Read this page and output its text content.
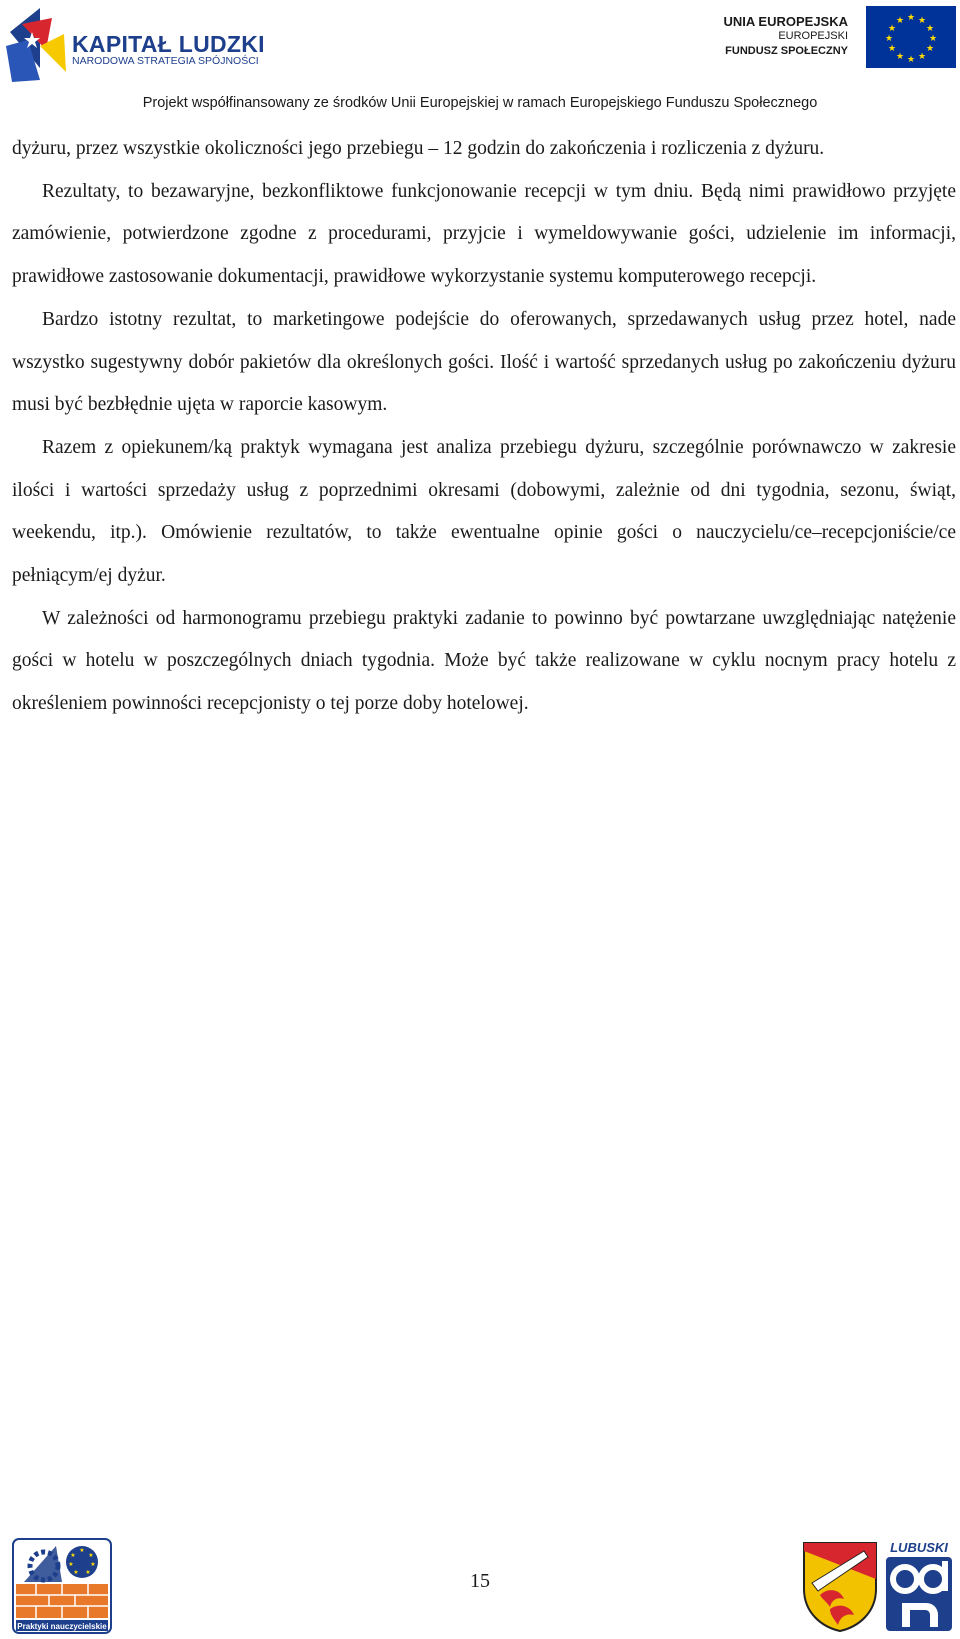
KAPITAŁ LUDZKI
NARODOWA STRATEGIA SPÓJNOŚCI
UNIA EUROPEJSKA
EUROPEJSKI
FUNDUSZ SPOŁECZNY
★ ★
★
★
★
★
★
★
★
★
★
★
Projekt współfinansowany ze środków Unii Europejskiej w ramach Europejskiego Funduszu Społecznego

dyżuru, przez wszystkie okoliczności jego przebiegu – 12 godzin do zakończenia i rozliczenia z dyżuru.

Rezultaty, to bezawaryjne, bezkonfliktowe funkcjonowanie recepcji w tym dniu. Będą nimi prawidłowo przyjęte zamówienie, potwierdzone zgodne z procedurami, przyjcie i wymeldowywanie gości, udzielenie im informacji, prawidłowe zastosowanie dokumentacji, prawidłowe wykorzystanie systemu komputerowego recepcji.

Bardzo istotny rezultat, to marketingowe podejście do oferowanych, sprzedawanych usług przez hotel, nade wszystko sugestywny dobór pakietów dla określonych gości. Ilość i wartość sprzedanych usług po zakończeniu dyżuru musi być bezbłędnie ujęta w raporcie kasowym.

Razem z opiekunem/ką praktyk wymagana jest analiza przebiegu dyżuru, szczególnie porównawczo w zakresie ilości i wartości sprzedaży usług z poprzednimi okresami (dobowymi, zależnie od dni tygodnia, sezonu, świąt, weekendu, itp.). Omówienie rezultatów, to także ewentualne opinie gości o nauczycielu/ce–recepcjoniście/ce pełniącym/ej dyżur.

W zależności od harmonogramu przebiegu praktyki zadanie to powinno być powtarzane uwzględniając natężenie gości w hotelu w poszczególnych dniach tygodnia. Może być także realizowane w cyklu nocnym pracy hotelu z określeniem powinności recepcjonisty o tej porze doby hotelowej.

★
★
★
★
★
★
★
Praktyki nauczycielskie
15
LUBUSKI
